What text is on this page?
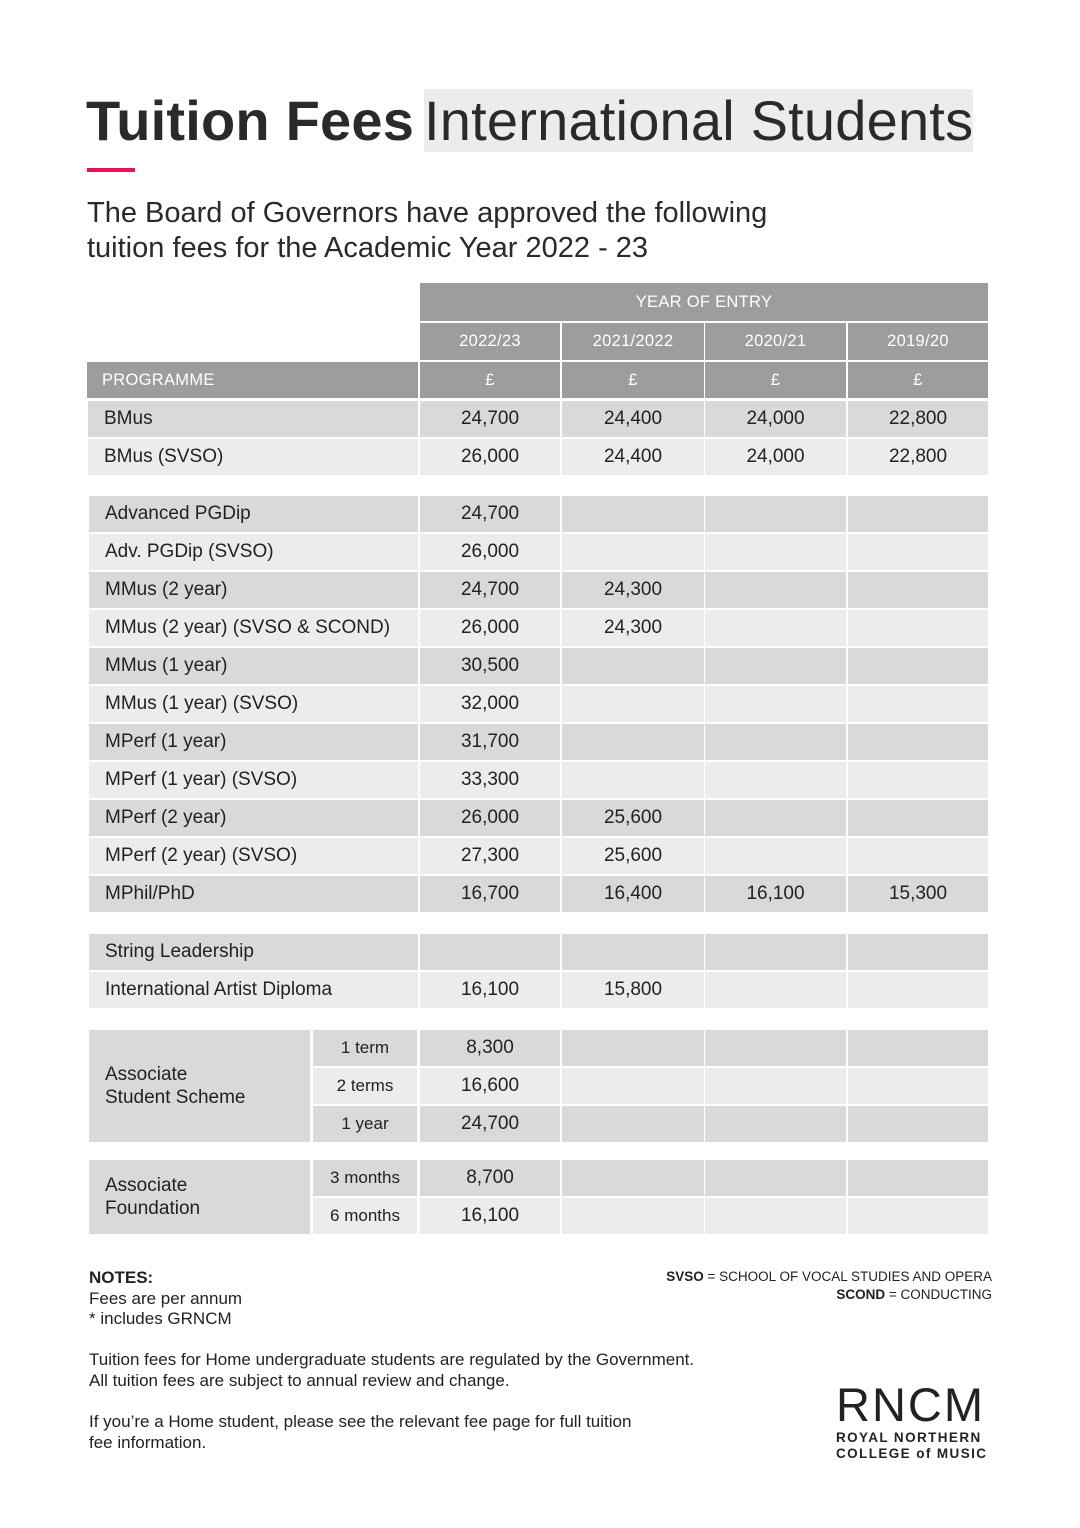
Tuition Fees International Students
The Board of Governors have approved the following
tuition fees for the Academic Year 2022 - 23
YEAR OF ENTRY
2022/23	2021/2022	2020/21	2019/20
PROGRAMME	£	£	£	£
BMus	24,700	24,400	24,000	22,800
BMus (SVSO)	26,000	24,400	24,000	22,800
Advanced PGDip	24,700
Adv. PGDip (SVSO)	26,000
MMus (2 year)	24,700	24,300
MMus (2 year) (SVSO & SCOND)	26,000	24,300
MMus (1 year)	30,500
MMus (1 year) (SVSO)	32,000
MPerf (1 year)	31,700
MPerf (1 year) (SVSO)	33,300
MPerf (2 year)	26,000	25,600
MPerf (2 year) (SVSO)	27,300	25,600
MPhil/PhD	16,700	16,400	16,100	15,300
String Leadership
International Artist Diploma	16,100	15,800
Associate
Student Scheme
1 term	8,300
2 terms	16,600
1 year	24,700
Associate
Foundation
3 months	8,700
6 months	16,100
NOTES:
Fees are per annum
* includes GRNCM
Tuition fees for Home undergraduate students are regulated by the Government.
All tuition fees are subject to annual review and change.
If you’re a Home student, please see the relevant fee page for full tuition
fee information.
SVSO = SCHOOL OF VOCAL STUDIES AND OPERA
SCOND = CONDUCTING
RNCM
ROYAL NORTHERN
COLLEGE of MUSIC
